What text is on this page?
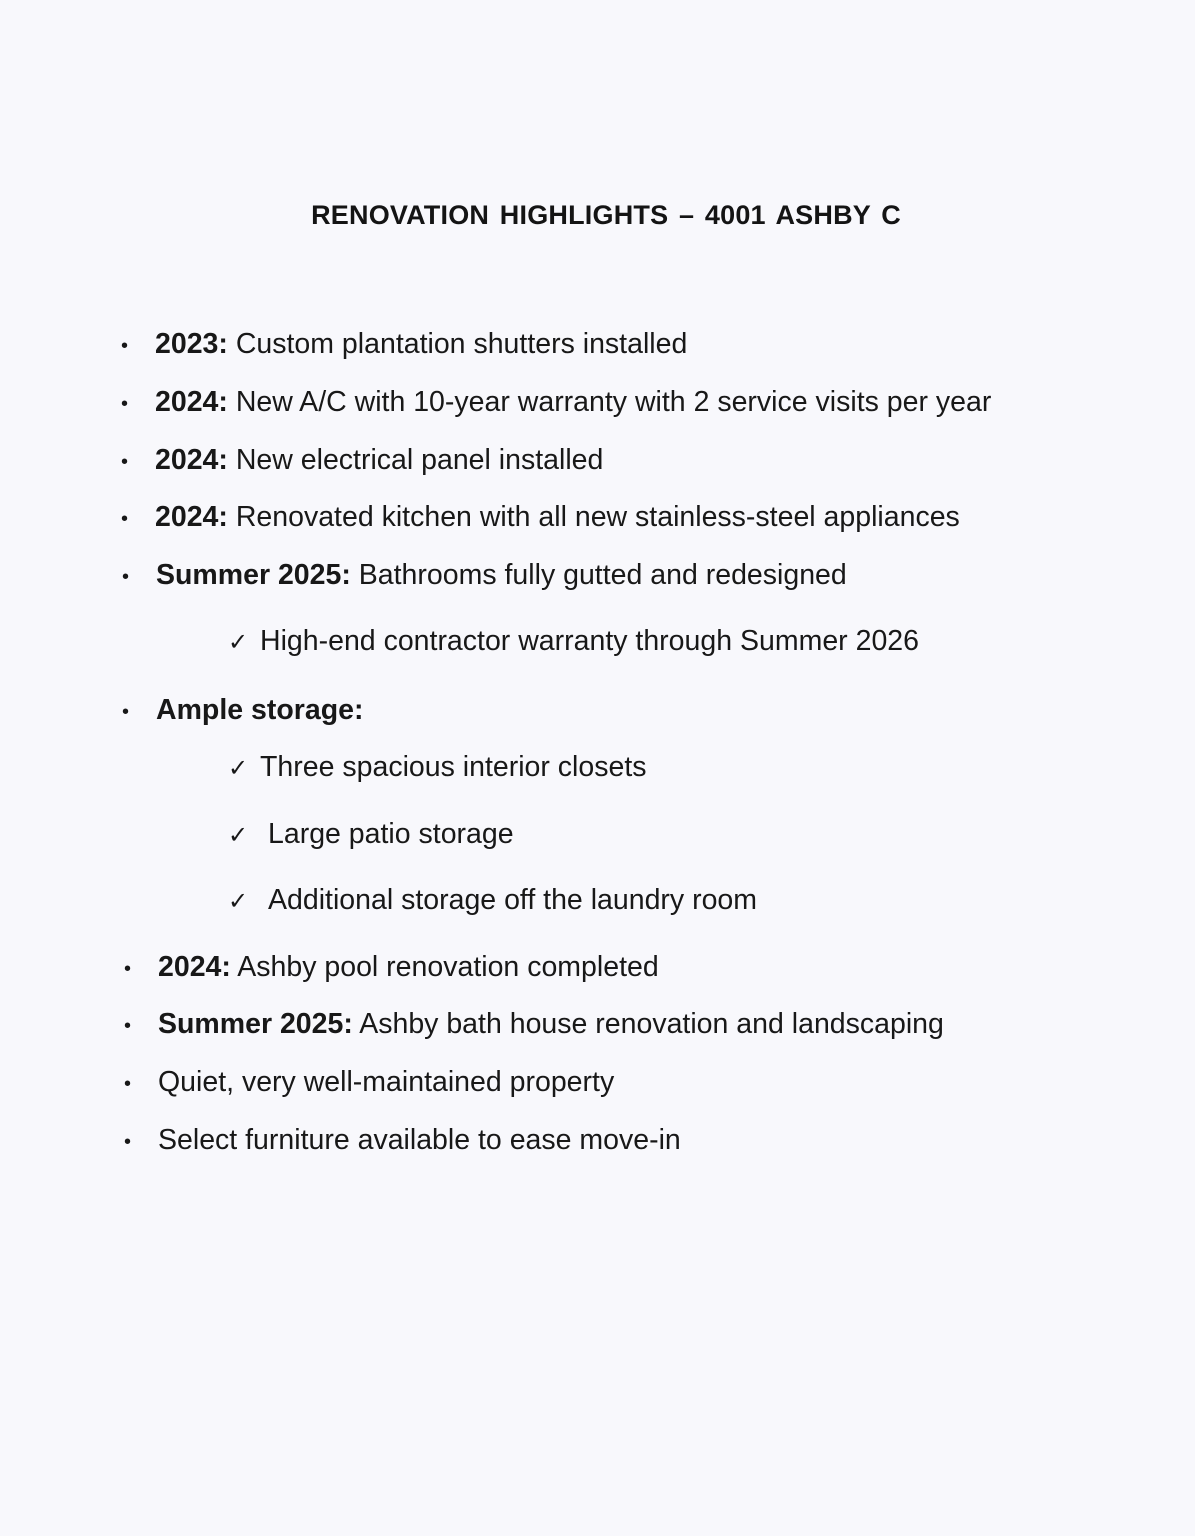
RENOVATION HIGHLIGHTS – 4001 ASHBY C
• 2023: Custom plantation shutters installed
• 2024: New A/C with 10-year warranty with 2 service visits per year
• 2024: New electrical panel installed
• 2024: Renovated kitchen with all new stainless-steel appliances
• Summer 2025: Bathrooms fully gutted and redesigned
✓ High-end contractor warranty through Summer 2026
• Ample storage:
✓ Three spacious interior closets
✓ Large patio storage
✓ Additional storage off the laundry room
• 2024: Ashby pool renovation completed
• Summer 2025: Ashby bath house renovation and landscaping
• Quiet, very well-maintained property
• Select furniture available to ease move-in
